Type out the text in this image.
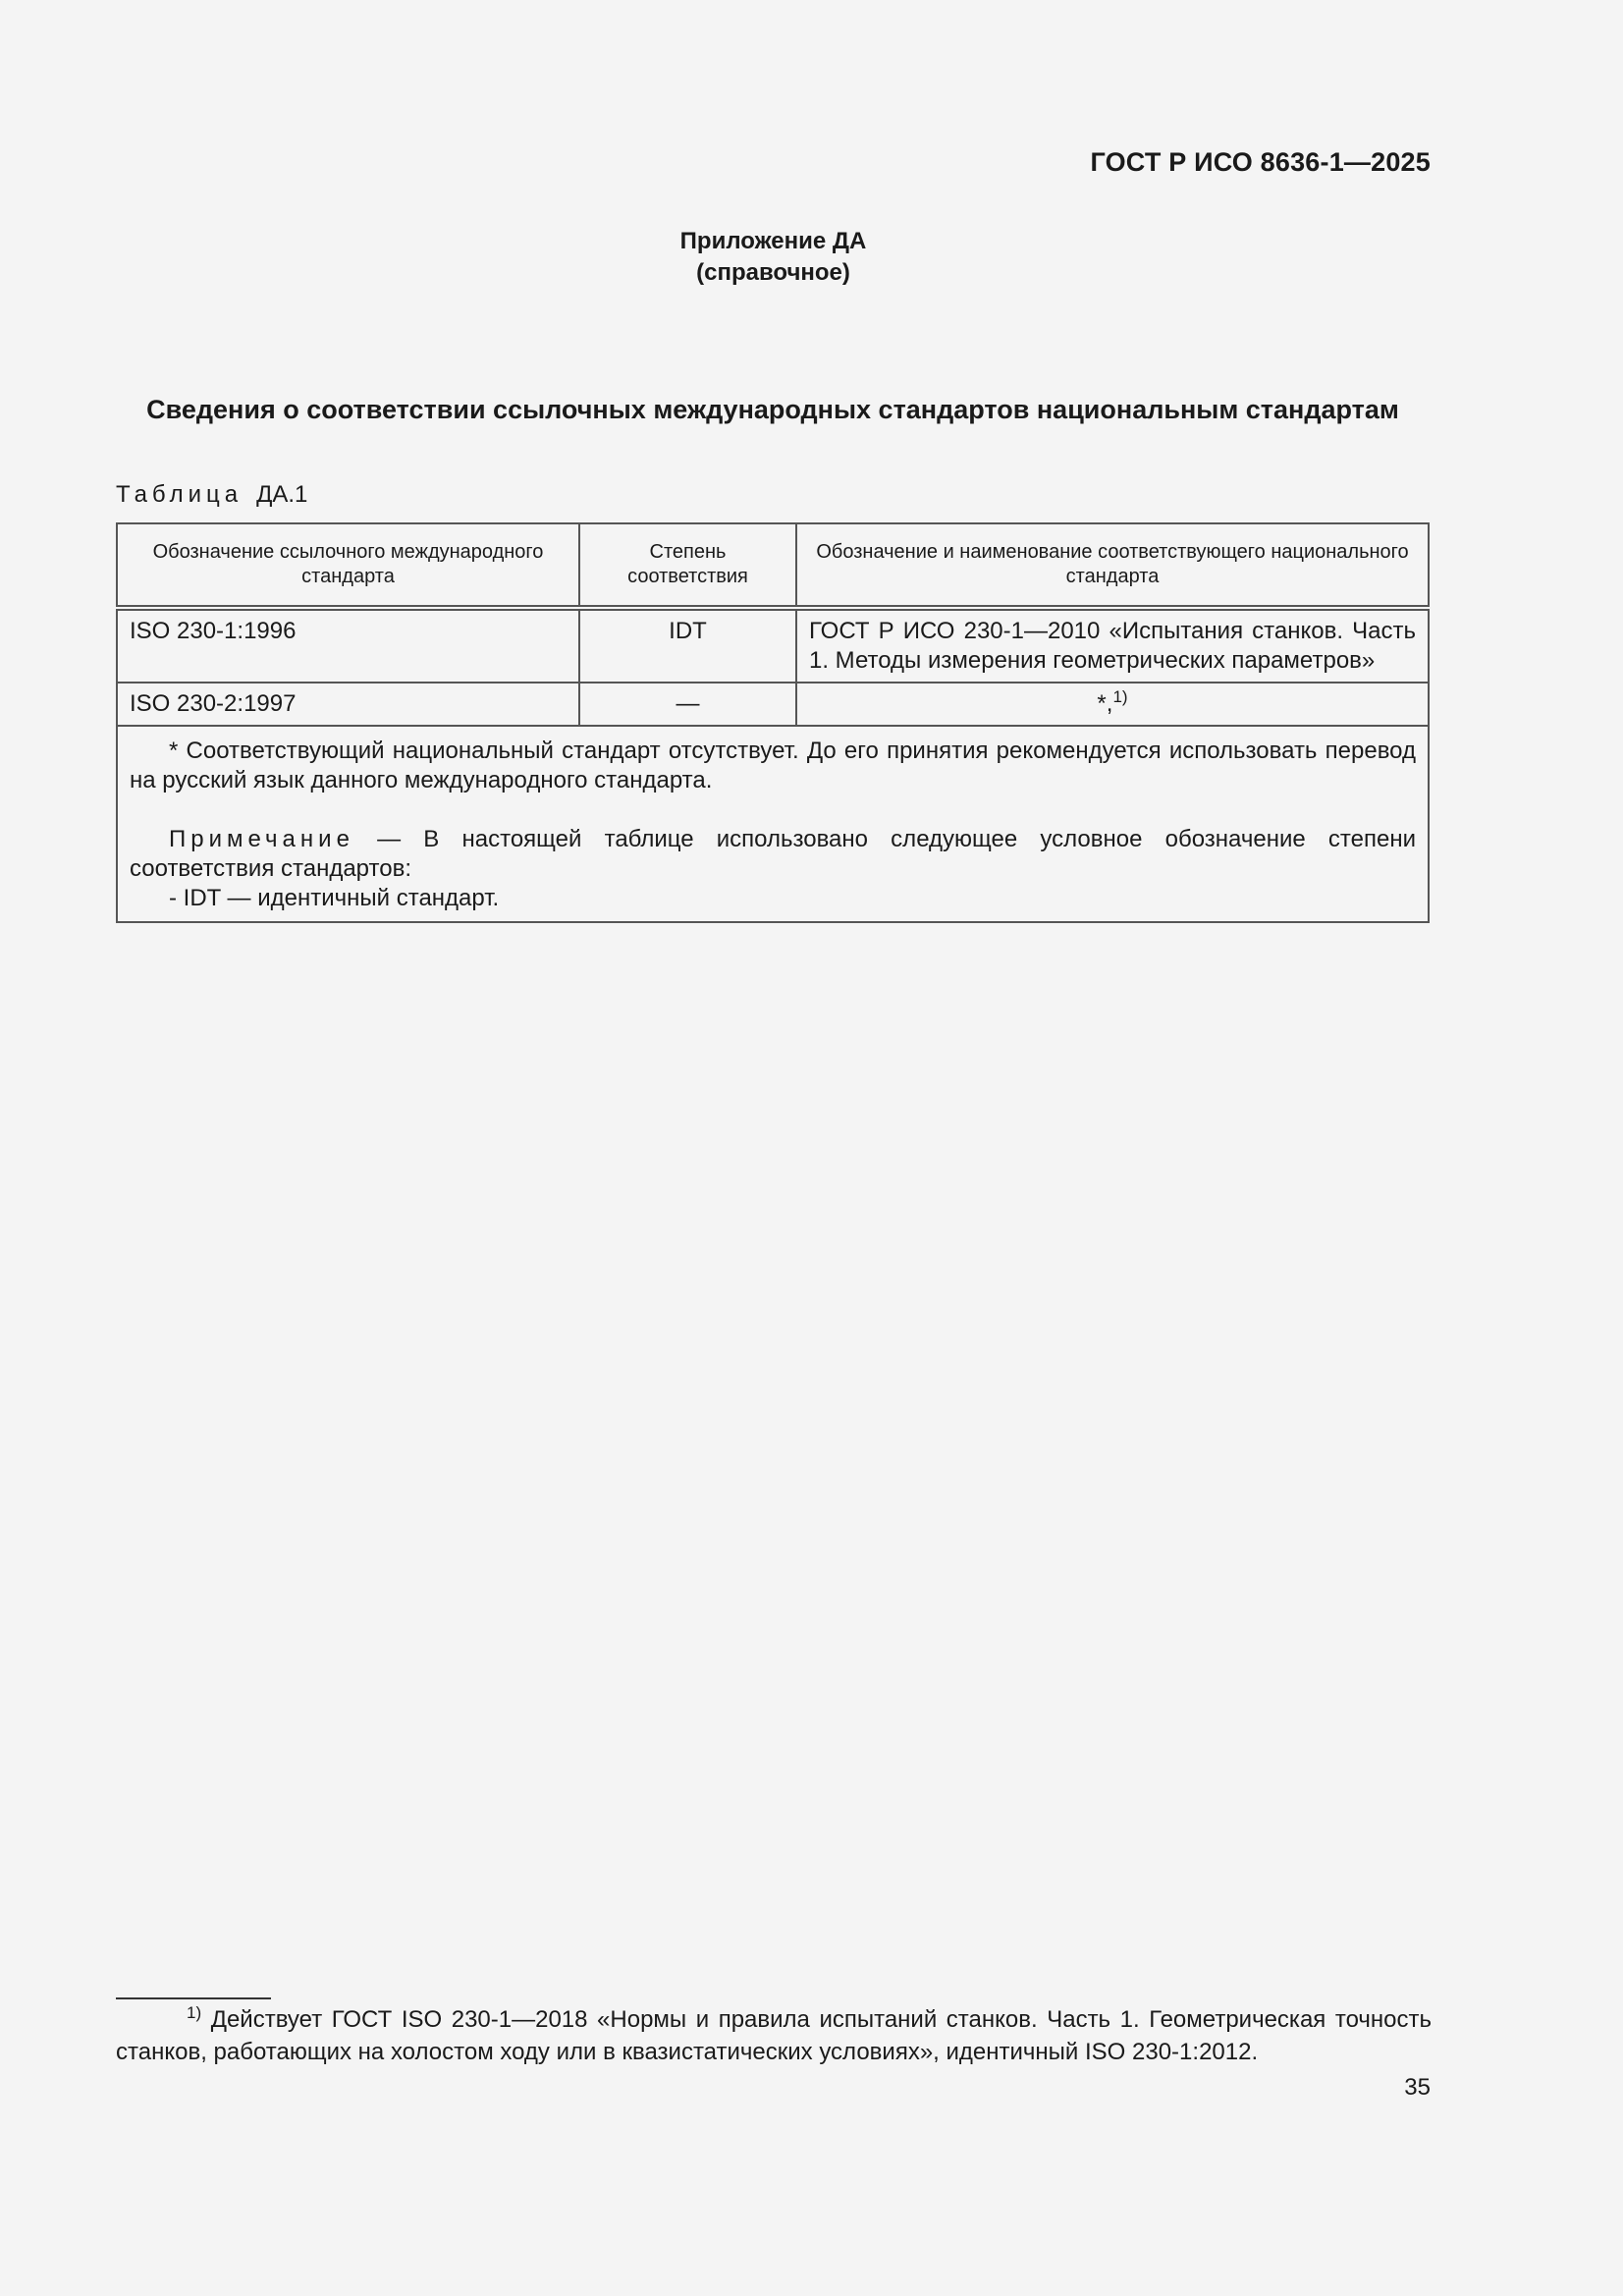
ГОСТ Р ИСО 8636-1—2025
Приложение ДА
(справочное)
Сведения о соответствии ссылочных международных стандартов национальным стандартам
Таблица ДА.1
Обозначение ссылочного международного стандарта	Степень соответствия	Обозначение и наименование соответствующего национального стандарта
ISO 230-1:1996	IDT	ГОСТ Р ИСО 230-1—2010 «Испытания станков. Часть 1. Методы измерения геометрических параметров»
ISO 230-2:1997	—	*,$^{1)}$

* Соответствующий национальный стандарт отсутствует. До его принятия рекомендуется использовать перевод на русский язык данного международного стандарта.

Примечание — В настоящей таблице использовано следующее условное обозначение степени соответствия стандартов:

- IDT — идентичный стандарт.		
$^{1)}$ Действует ГОСТ ISO 230-1—2018 «Нормы и правила испытаний станков. Часть 1. Геометрическая точность станков, работающих на холостом ходу или в квазистатических условиях», идентичный ISO 230-1:2012.
35
